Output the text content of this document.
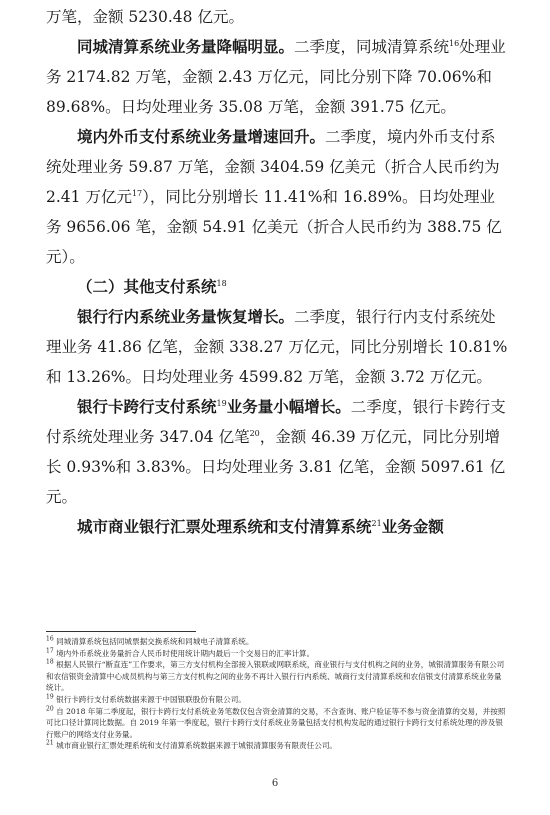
万笔，金额 5230.48 亿元。

同城清算系统业务量降幅明显。二季度，同城清算系统$^{16}$处理业务 2174.82 万笔，金额 2.43 万亿元，同比分别下降 70.06%和 89.68%。日均处理业务 35.08 万笔，金额 391.75 亿元。

境内外币支付系统业务量增速回升。二季度，境内外币支付系统处理业务 59.87 万笔，金额 3404.59 亿美元（折合人民币约为 2.41 万亿元$^{17}$），同比分别增长 11.41%和 16.89%。日均处理业务 9656.06 笔，金额 54.91 亿美元（折合人民币约为 388.75 亿元）。

（二）其他支付系统$^{18}$

银行行内系统业务量恢复增长。二季度，银行行内支付系统处理业务 41.86 亿笔，金额 338.27 万亿元，同比分别增长 10.81%和 13.26%。日均处理业务 4599.82 万笔，金额 3.72 万亿元。

银行卡跨行支付系统$^{19}$业务量小幅增长。二季度，银行卡跨行支付系统处理业务 347.04 亿笔$^{20}$，金额 46.39 万亿元，同比分别增长 0.93%和 3.83%。日均处理业务 3.81 亿笔，金额 5097.61 亿元。

城市商业银行汇票处理系统和支付清算系统$^{21}$业务金额

$^{16}$ 同城清算系统包括同城票据交换系统和同城电子清算系统。

$^{17}$ 境内外币系统业务量折合人民币时使用统计期内最后一个交易日的汇率计算。

$^{18}$ 根据人民银行“断直连”工作要求，第三方支付机构全部接入银联或网联系统，商业银行与支付机构之间的业务，城银清算服务有限公司和农信银资金清算中心成员机构与第三方支付机构之间的业务不再计入银行行内系统、城商行支付清算系统和农信银支付清算系统业务量统计。

$^{19}$ 银行卡跨行支付系统数据来源于中国银联股份有限公司。

$^{20}$ 自 2018 年第二季度起，银行卡跨行支付系统业务笔数仅包含资金清算的交易，不含查询、账户验证等不参与资金清算的交易，并按照可比口径计算同比数据。自 2019 年第一季度起，银行卡跨行支付系统业务量包括支付机构发起的通过银行卡跨行支付系统处理的涉及银行账户的网络支付业务量。

$^{21}$ 城市商业银行汇票处理系统和支付清算系统数据来源于城银清算服务有限责任公司。

6
